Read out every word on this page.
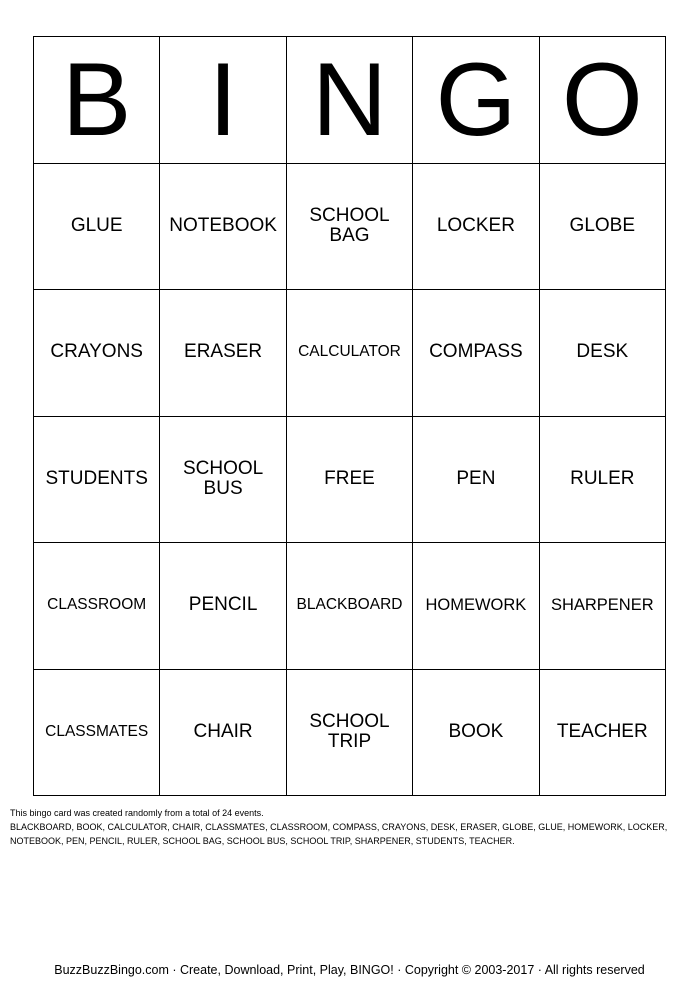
B I N G O
GLUE	NOTEBOOK	SCHOOL BAG	LOCKER	GLOBE
CRAYONS	ERASER	CALCULATOR	COMPASS	DESK
STUDENTS	SCHOOL BUS	FREE	PEN	RULER
CLASSROOM	PENCIL	BLACKBOARD	HOMEWORK	SHARPENER
CLASSMATES	CHAIR	SCHOOL TRIP	BOOK	TEACHER
This bingo card was created randomly from a total of 24 events.
BLACKBOARD, BOOK, CALCULATOR, CHAIR, CLASSMATES, CLASSROOM, COMPASS, CRAYONS, DESK, ERASER, GLOBE, GLUE, HOMEWORK, LOCKER, NOTEBOOK, PEN, PENCIL, RULER, SCHOOL BAG, SCHOOL BUS, SCHOOL TRIP, SHARPENER, STUDENTS, TEACHER.
BuzzBuzzBingo.com · Create, Download, Print, Play, BINGO! · Copyright © 2003-2017 · All rights reserved
